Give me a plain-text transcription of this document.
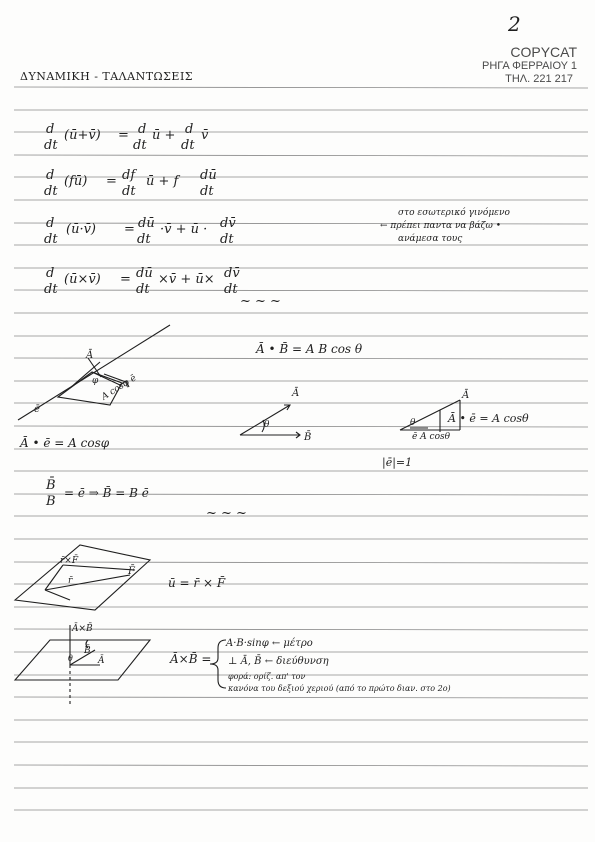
2
COPYCAT
ΡΗΓΑ ΦΕΡΡΑΙΟΥ 1
ΤΗΛ. 221 217
ΔΥΝΑΜΙΚΗ - ΤΑΛΑΝΤΩΣΕΙΣ
d
dt
(ū+v̄) = d
dt
ū + d
dt
v̄
d
dt
(fū) = df
dt
ū + f dū
dt
d
dt
(ū·v̄) = dū
dt
·v̄ + ū · dv̄
dt
στο εσωτερικό γινόμενο
← πρέπει παντα να βάζω •
ανάμεσα τους
d
dt
(ū×v̄) = dū
dt
×v̄ + ū× dv̄
dt
~ ~ ~
Ā • B̄ = A B cos θ
Ā
φ A cosφ ē
ē
Ā • ē = A cosφ
Ā
θ
B̄
Ā
θ
ē A cosθ
Ā • ē = A cosθ
|ē|=1
B̄
B
= ē ⇒ B̄ = B ē
~ ~ ~
r̄×F̄
r̄
F̄
ū = r̄ × F̄
Ā×B̄
B̄
θ	Ā	Ā×B̄ =
A·B·sinφ ← μέτρο
⊥ Ā, B̄ ← διεύθυνση
φορά: ορίζ. απ' τον
κανόνα του δεξιού χεριού (από το πρώτο διαν. στο 2ο)
